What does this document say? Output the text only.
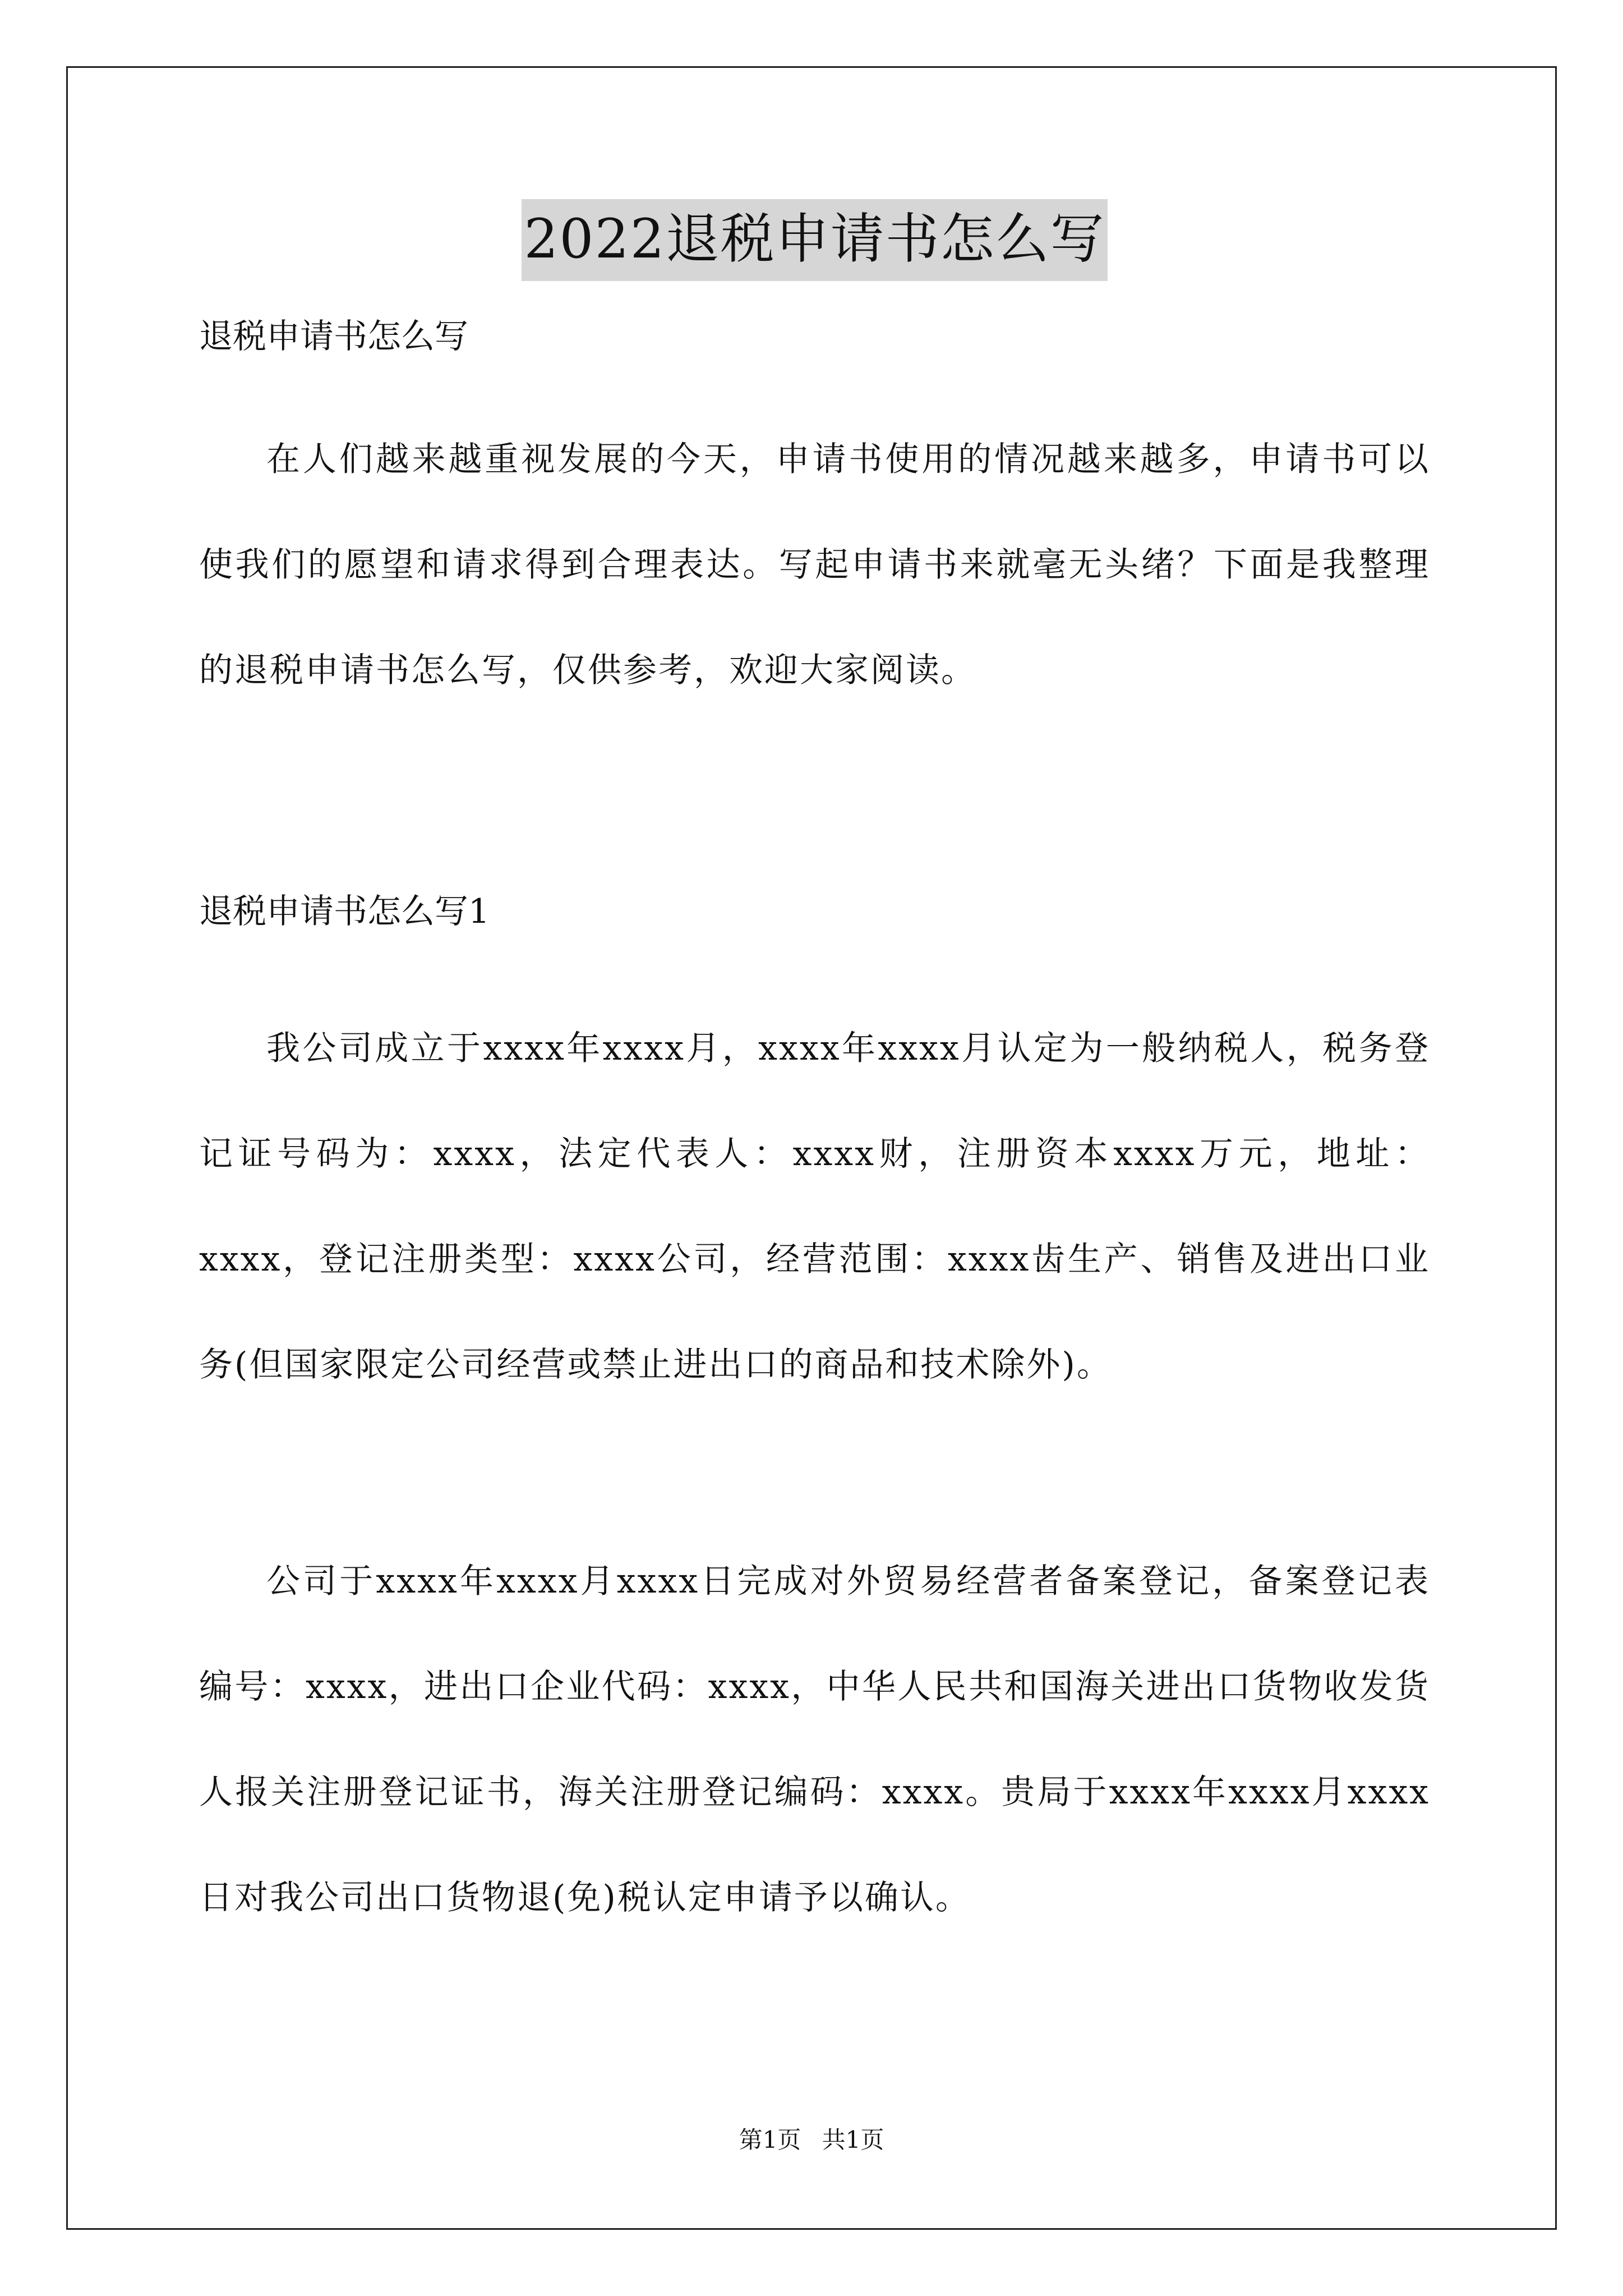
2022退税申请书怎么写
退税申请书怎么写
在人们越来越重视发展的今天，申请书使用的情况越来越多，申请书可以使我们的愿望和请求得到合理表达。写起申请书来就毫无头绪？下面是我整理的退税申请书怎么写，仅供参考，欢迎大家阅读。
退税申请书怎么写1
我公司成立于xxxx年xxxx月，xxxx年xxxx月认定为一般纳税人，税务登记证号码为：xxxx，法定代表人：xxxx财，注册资本xxxx万元，地址：xxxx，登记注册类型：xxxx公司，经营范围：xxxx齿生产、销售及进出口业务(但国家限定公司经营或禁止进出口的商品和技术除外)。
公司于xxxx年xxxx月xxxx日完成对外贸易经营者备案登记，备案登记表编号：xxxx，进出口企业代码：xxxx，中华人民共和国海关进出口货物收发货人报关注册登记证书，海关注册登记编码：xxxx。贵局于xxxx年xxxx月xxxx日对我公司出口货物退(免)税认定申请予以确认。
第1页 共1页
